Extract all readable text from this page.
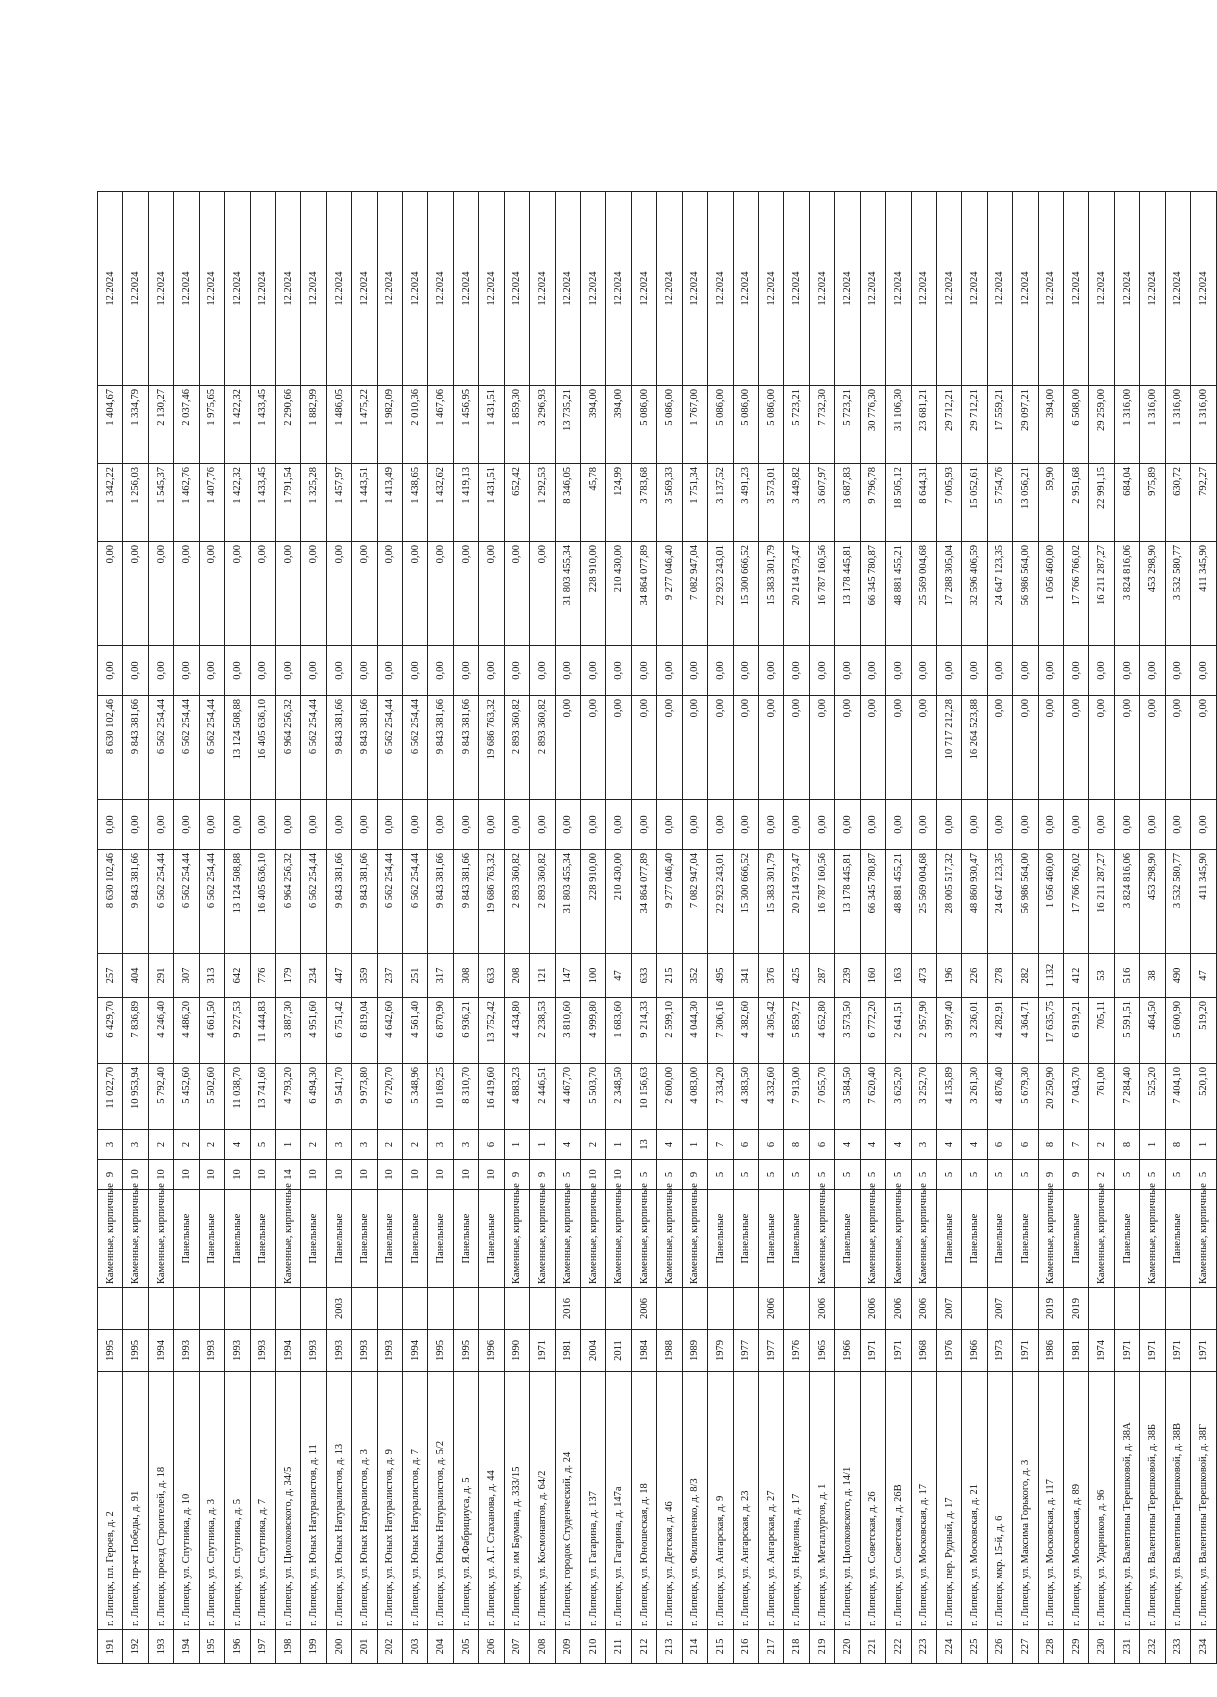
191	г. Липецк, пл. Героев, д. 2	1995		Каменные, кирпичные	9	3	11 022,70	6 429,70	257	8 630 102,46	0,00	8 630 102,46	0,00	0,00	1 342,22	1 404,67	12.2024
192	г. Липецк, пр-кт Победы, д. 91	1995		Каменные, кирпичные	10	3	10 953,94	7 836,89	404	9 843 381,66	0,00	9 843 381,66	0,00	0,00	1 256,03	1 334,79	12.2024
193	г. Липецк, проезд Строителей, д. 18	1994		Каменные, кирпичные	10	2	5 792,40	4 246,40	291	6 562 254,44	0,00	6 562 254,44	0,00	0,00	1 545,37	2 130,27	12.2024
194	г. Липецк, ул. Спутника, д. 10	1993		Панельные	10	2	5 452,60	4 486,20	307	6 562 254,44	0,00	6 562 254,44	0,00	0,00	1 462,76	2 037,46	12.2024
195	г. Липецк, ул. Спутника, д. 3	1993		Панельные	10	2	5 502,60	4 661,50	313	6 562 254,44	0,00	6 562 254,44	0,00	0,00	1 407,76	1 975,65	12.2024
196	г. Липецк, ул. Спутника, д. 5	1993		Панельные	10	4	11 038,70	9 227,53	642	13 124 508,88	0,00	13 124 508,88	0,00	0,00	1 422,32	1 422,32	12.2024
197	г. Липецк, ул. Спутника, д. 7	1993		Панельные	10	5	13 741,60	11 444,83	776	16 405 636,10	0,00	16 405 636,10	0,00	0,00	1 433,45	1 433,45	12.2024
198	г. Липецк, ул. Циолковского, д. 34/5	1994		Каменные, кирпичные	14	1	4 793,20	3 887,30	179	6 964 256,32	0,00	6 964 256,32	0,00	0,00	1 791,54	2 290,66	12.2024
199	г. Липецк, ул. Юных Натуралистов, д. 11	1993		Панельные	10	2	6 494,30	4 951,60	234	6 562 254,44	0,00	6 562 254,44	0,00	0,00	1 325,28	1 882,99	12.2024
200	г. Липецк, ул. Юных Натуралистов, д. 13	1993	2003	Панельные	10	3	9 541,70	6 751,42	447	9 843 381,66	0,00	9 843 381,66	0,00	0,00	1 457,97	1 486,05	12.2024
201	г. Липецк, ул. Юных Натуралистов, д. 3	1993		Панельные	10	3	9 973,80	6 819,04	359	9 843 381,66	0,00	9 843 381,66	0,00	0,00	1 443,51	1 475,22	12.2024
202	г. Липецк, ул. Юных Натуралистов, д. 9	1993		Панельные	10	2	6 720,70	4 642,60	237	6 562 254,44	0,00	6 562 254,44	0,00	0,00	1 413,49	1 982,09	12.2024
203	г. Липецк, ул. Юных Натуралистов, д. 7	1994		Панельные	10	2	5 348,96	4 561,40	251	6 562 254,44	0,00	6 562 254,44	0,00	0,00	1 438,65	2 010,36	12.2024
204	г. Липецк, ул. Юных Натуралистов, д. 5/2	1995		Панельные	10	3	10 169,25	6 870,90	317	9 843 381,66	0,00	9 843 381,66	0,00	0,00	1 432,62	1 467,06	12.2024
205	г. Липецк, ул. Я.Фабрициуса, д. 5	1995		Панельные	10	3	8 310,70	6 936,21	308	9 843 381,66	0,00	9 843 381,66	0,00	0,00	1 419,13	1 456,95	12.2024
206	г. Липецк, ул. А.Г. Стаханова, д. 44	1996		Панельные	10	6	16 419,60	13 752,42	633	19 686 763,32	0,00	19 686 763,32	0,00	0,00	1 431,51	1 431,51	12.2024
207	г. Липецк, ул. им Баумана, д. 333/15	1990		Каменные, кирпичные	9	1	4 883,23	4 434,80	208	2 893 360,82	0,00	2 893 360,82	0,00	0,00	652,42	1 859,30	12.2024
208	г. Липецк, ул. Космонавтов, д. 64/2	1971		Каменные, кирпичные	9	1	2 446,51	2 238,53	121	2 893 360,82	0,00	2 893 360,82	0,00	0,00	1 292,53	3 296,93	12.2024
209	г. Липецк, городок Студенческий, д. 24	1981	2016	Каменные, кирпичные	5	4	4 467,70	3 810,60	147	31 803 455,34	0,00	0,00	0,00	31 803 455,34	8 346,05	13 735,21	12.2024
210	г. Липецк, ул. Гагарина, д. 137	2004		Каменные, кирпичные	10	2	5 503,70	4 999,80	100	228 910,00	0,00	0,00	0,00	228 910,00	45,78	394,00	12.2024
211	г. Липецк, ул. Гагарина, д. 147а	2011		Каменные, кирпичные	10	1	2 348,50	1 683,60	47	210 430,00	0,00	0,00	0,00	210 430,00	124,99	394,00	12.2024
212	г. Липецк, ул. Юношеская, д. 18	1984	2006	Каменные, кирпичные	5	13	10 156,63	9 214,33	633	34 864 077,89	0,00	0,00	0,00	34 864 077,89	3 783,68	5 086,00	12.2024
213	г. Липецк, ул. Детская, д. 46	1988		Каменные, кирпичные	5	4	2 600,00	2 599,10	215	9 277 046,40	0,00	0,00	0,00	9 277 046,40	3 569,33	5 086,00	12.2024
214	г. Липецк, ул. Филипченко, д. 8/3	1989		Каменные, кирпичные	9	1	4 083,00	4 044,30	352	7 082 947,04	0,00	0,00	0,00	7 082 947,04	1 751,34	1 767,00	12.2024
215	г. Липецк, ул. Ангарская, д. 9	1979		Панельные	5	7	7 334,20	7 306,16	495	22 923 243,01	0,00	0,00	0,00	22 923 243,01	3 137,52	5 086,00	12.2024
216	г. Липецк, ул. Ангарская, д. 23	1977		Панельные	5	6	4 383,50	4 382,60	341	15 300 666,52	0,00	0,00	0,00	15 300 666,52	3 491,23	5 086,00	12.2024
217	г. Липецк, ул. Ангарская, д. 27	1977	2006	Панельные	5	6	4 332,60	4 305,42	376	15 383 301,79	0,00	0,00	0,00	15 383 301,79	3 573,01	5 086,00	12.2024
218	г. Липецк, ул. Неделина, д. 17	1976		Панельные	5	8	7 913,00	5 859,72	425	20 214 973,47	0,00	0,00	0,00	20 214 973,47	3 449,82	5 723,21	12.2024
219	г. Липецк, ул. Металлургов, д. 1	1965	2006	Каменные, кирпичные	5	6	7 055,70	4 652,80	287	16 787 160,56	0,00	0,00	0,00	16 787 160,56	3 607,97	7 732,30	12.2024
220	г. Липецк, ул. Циолковского, д. 14/1	1966		Панельные	5	4	3 584,50	3 573,50	239	13 178 445,81	0,00	0,00	0,00	13 178 445,81	3 687,83	5 723,21	12.2024
221	г. Липецк, ул. Советская, д. 26	1971	2006	Каменные, кирпичные	5	4	7 620,40	6 772,20	160	66 345 780,87	0,00	0,00	0,00	66 345 780,87	9 796,78	30 776,30	12.2024
222	г. Липецк, ул. Советская, д. 26В	1971	2006	Каменные, кирпичные	5	4	3 625,20	2 641,51	163	48 881 455,21	0,00	0,00	0,00	48 881 455,21	18 505,12	31 106,30	12.2024
223	г. Липецк, ул. Московская, д. 17	1968	2006	Каменные, кирпичные	5	3	3 252,70	2 957,90	473	25 569 004,68	0,00	0,00	0,00	25 569 004,68	8 644,31	23 681,21	12.2024
224	г. Липецк, пер. Рудный, д. 17	1976	2007	Панельные	5	4	4 135,89	3 997,40	196	28 005 517,32	0,00	10 717 212,28	0,00	17 288 305,04	7 005,93	29 712,21	12.2024
225	г. Липецк, ул. Московская, д. 21	1966		Панельные	5	4	3 261,30	3 236,01	226	48 860 930,47	0,00	16 264 523,88	0,00	32 596 406,59	15 052,61	29 712,21	12.2024
226	г. Липецк, мкр. 15-й, д. 6	1973	2007	Панельные	5	6	4 876,40	4 282,91	278	24 647 123,35	0,00	0,00	0,00	24 647 123,35	5 754,76	17 559,21	12.2024
227	г. Липецк, ул. Максима Горького, д. 3	1971		Панельные	5	6	5 679,30	4 364,71	282	56 986 564,00	0,00	0,00	0,00	56 986 564,00	13 056,21	29 097,21	12.2024
228	г. Липецк, ул. Московская, д. 117	1986	2019	Каменные, кирпичные	9	8	20 250,90	17 635,75	1 132	1 056 460,00	0,00	0,00	0,00	1 056 460,00	59,90	394,00	12.2024
229	г. Липецк, ул. Московская, д. 89	1981	2019	Панельные	9	7	7 043,70	6 919,21	412	17 766 766,02	0,00	0,00	0,00	17 766 766,02	2 951,68	6 508,00	12.2024
230	г. Липецк, ул. Ударников, д. 96	1974		Каменные, кирпичные	2	2	761,00	705,11	53	16 211 287,27	0,00	0,00	0,00	16 211 287,27	22 991,15	29 259,00	12.2024
231	г. Липецк, ул. Валентины Терешковой, д. 38А	1971		Панельные	5	8	7 284,40	5 591,51	516	3 824 816,06	0,00	0,00	0,00	3 824 816,06	684,04	1 316,00	12.2024
232	г. Липецк, ул. Валентины Терешковой, д. 38Б	1971		Каменные, кирпичные	5	1	525,20	464,50	38	453 298,90	0,00	0,00	0,00	453 298,90	975,89	1 316,00	12.2024
233	г. Липецк, ул. Валентины Терешковой, д. 38В	1971		Панельные	5	8	7 404,10	5 600,90	490	3 532 580,77	0,00	0,00	0,00	3 532 580,77	630,72	1 316,00	12.2024
234	г. Липецк, ул. Валентины Терешковой, д. 38Г	1971		Каменные, кирпичные	5	1	520,10	519,20	47	411 345,90	0,00	0,00	0,00	411 345,90	792,27	1 316,00	12.2024
